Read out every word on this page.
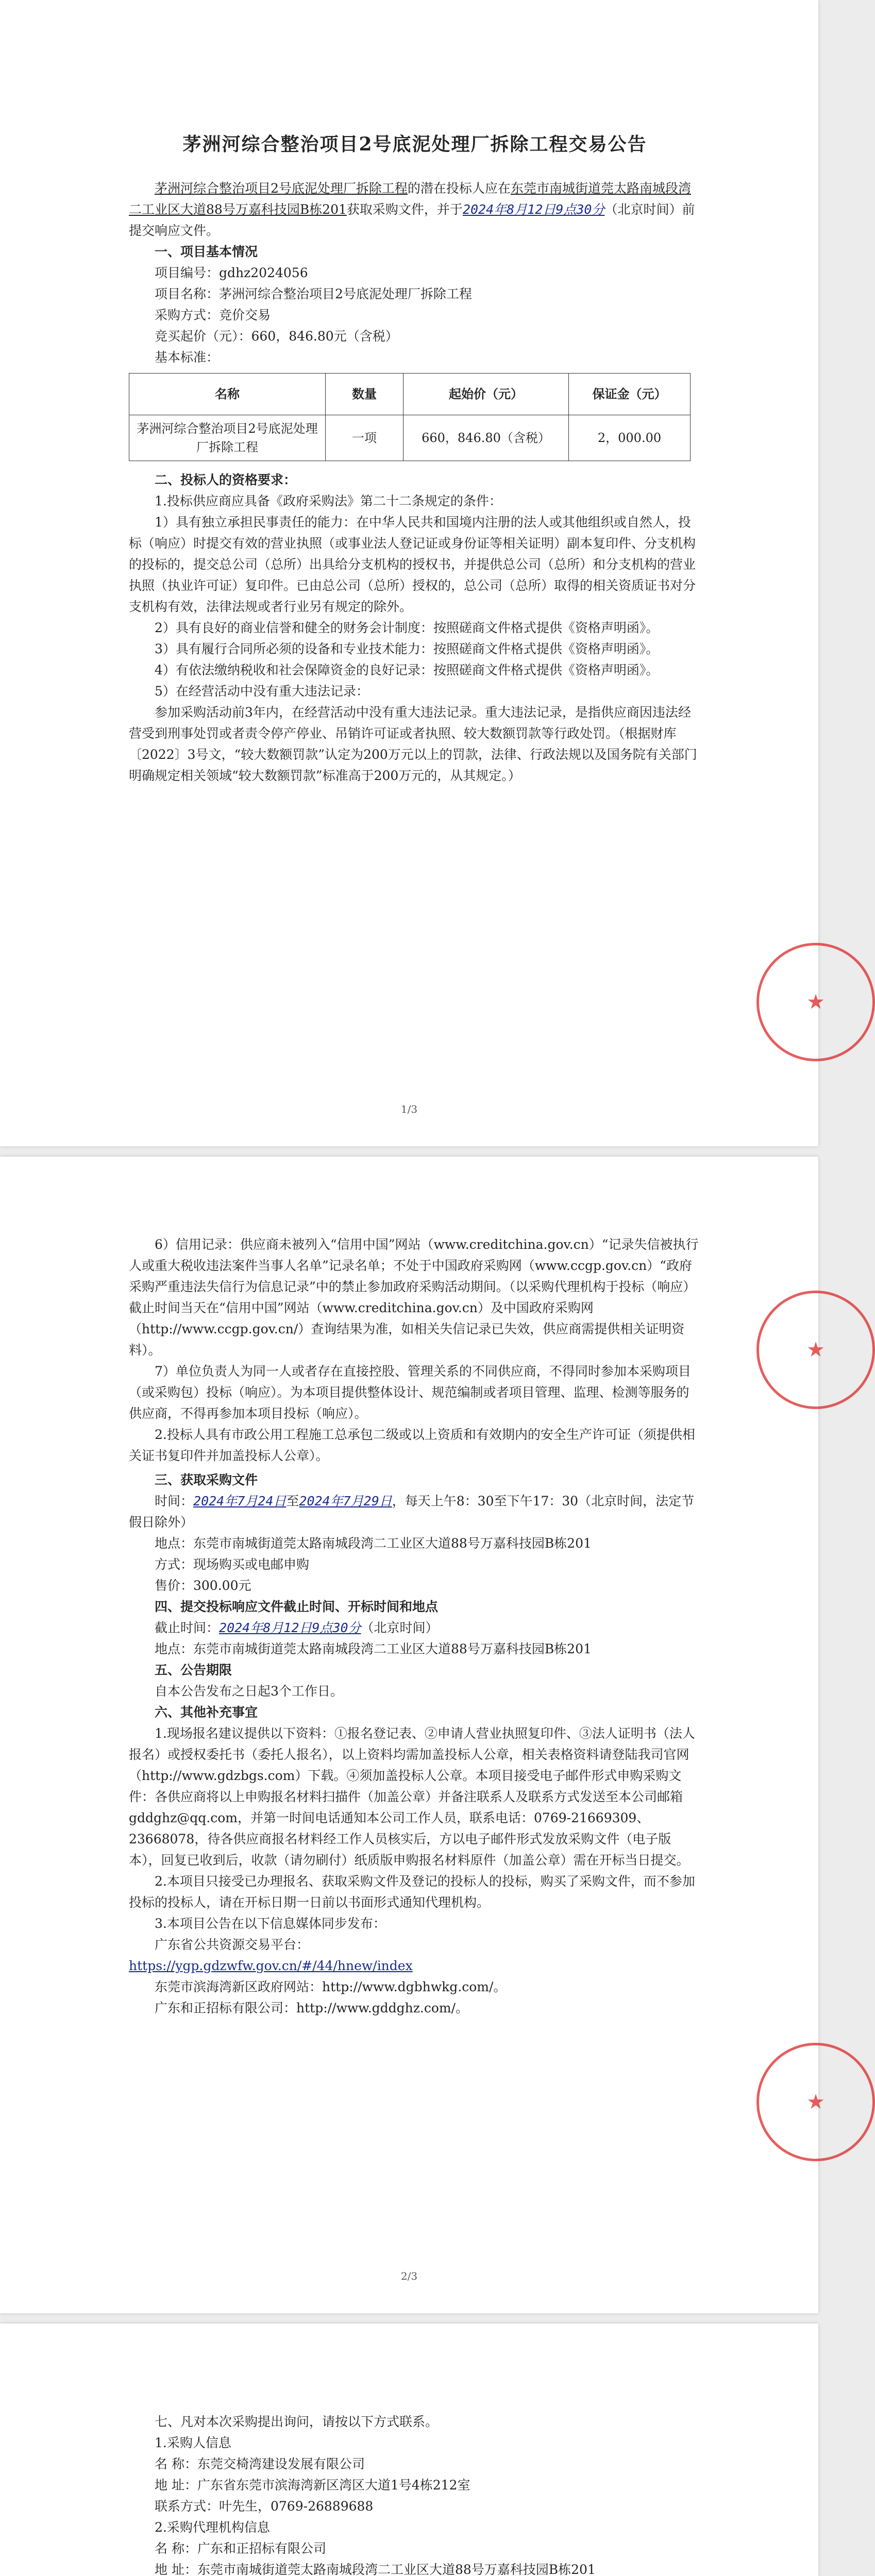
茅洲河综合整治项目2号底泥处理厂拆除工程交易公告

茅洲河综合整治项目2号底泥处理厂拆除工程的潜在投标人应在东莞市南城街道莞太路南城段湾二工业区大道88号万嘉科技园B栋201获取采购文件，并于2024年8月12日9点30分（北京时间）前提交响应文件。

一、项目基本情况

项目编号：gdhz2024056

项目名称：茅洲河综合整治项目2号底泥处理厂拆除工程

采购方式：竞价交易

竞买起价（元）：660，846.80元（含税）

基本标准：

名称	数量	起始价（元）	保证金（元）
茅洲河综合整治项目2号底泥处理厂拆除工程	一项	660，846.80（含税）	2，000.00

二、投标人的资格要求：

1.投标供应商应具备《政府采购法》第二十二条规定的条件：

1）具有独立承担民事责任的能力：在中华人民共和国境内注册的法人或其他组织或自然人，投标（响应）时提交有效的营业执照（或事业法人登记证或身份证等相关证明）副本复印件、分支机构的投标的，提交总公司（总所）出具给分支机构的授权书，并提供总公司（总所）和分支机构的营业执照（执业许可证）复印件。已由总公司（总所）授权的，总公司（总所）取得的相关资质证书对分支机构有效，法律法规或者行业另有规定的除外。

2）具有良好的商业信誉和健全的财务会计制度：按照磋商文件格式提供《资格声明函》。

3）具有履行合同所必须的设备和专业技术能力：按照磋商文件格式提供《资格声明函》。

4）有依法缴纳税收和社会保障资金的良好记录：按照磋商文件格式提供《资格声明函》。

5）在经营活动中没有重大违法记录：

参加采购活动前3年内，在经营活动中没有重大违法记录。重大违法记录，是指供应商因违法经营受到刑事处罚或者责令停产停业、吊销许可证或者执照、较大数额罚款等行政处罚。（根据财库〔2022〕3号文，“较大数额罚款”认定为200万元以上的罚款，法律、行政法规以及国务院有关部门明确规定相关领域“较大数额罚款”标准高于200万元的，从其规定。）

★
1/3

6）信用记录：供应商未被列入“信用中国”网站（www.creditchina.gov.cn）“记录失信被执行人或重大税收违法案件当事人名单”记录名单；不处于中国政府采购网（www.ccgp.gov.cn）“政府采购严重违法失信行为信息记录”中的禁止参加政府采购活动期间。（以采购代理机构于投标（响应）截止时间当天在“信用中国”网站（www.creditchina.gov.cn）及中国政府采购网（http://www.ccgp.gov.cn/）查询结果为准，如相关失信记录已失效，供应商需提供相关证明资料）。

7）单位负责人为同一人或者存在直接控股、管理关系的不同供应商，不得同时参加本采购项目（或采购包）投标（响应）。为本项目提供整体设计、规范编制或者项目管理、监理、检测等服务的供应商，不得再参加本项目投标（响应）。

2.投标人具有市政公用工程施工总承包二级或以上资质和有效期内的安全生产许可证（须提供相关证书复印件并加盖投标人公章）。

三、获取采购文件

时间：2024年7月24日至2024年7月29日，每天上午8：30至下午17：30（北京时间，法定节假日除外）

地点：东莞市南城街道莞太路南城段湾二工业区大道88号万嘉科技园B栋201

方式：现场购买或电邮申购

售价：300.00元

四、提交投标响应文件截止时间、开标时间和地点

截止时间：2024年8月12日9点30分（北京时间）

地点：东莞市南城街道莞太路南城段湾二工业区大道88号万嘉科技园B栋201

五、公告期限

自本公告发布之日起3个工作日。

六、其他补充事宜

1.现场报名建议提供以下资料：①报名登记表、②申请人营业执照复印件、③法人证明书（法人报名）或授权委托书（委托人报名），以上资料均需加盖投标人公章，相关表格资料请登陆我司官网（http://www.gdzbgs.com）下载。④须加盖投标人公章。本项目接受电子邮件形式申购采购文件：各供应商将以上申购报名材料扫描件（加盖公章）并备注联系人及联系方式发送至本公司邮箱gddghz@qq.com，并第一时间电话通知本公司工作人员，联系电话：0769-21669309、23668078，待各供应商报名材料经工作人员核实后，方以电子邮件形式发放采购文件（电子版本），回复已收到后，收款（请勿刷付）纸质版申购报名材料原件（加盖公章）需在开标当日提交。

2.本项目只接受已办理报名、获取采购文件及登记的投标人的投标，购买了采购文件，而不参加投标的投标人，请在开标日期一日前以书面形式通知代理机构。

3.本项目公告在以下信息媒体同步发布：

广东省公共资源交易平台：

https://ygp.gdzwfw.gov.cn/#/44/hnew/index

东莞市滨海湾新区政府网站：http://www.dgbhwkg.com/。

广东和正招标有限公司：http://www.gddghz.com/。

★
★
2/3

七、凡对本次采购提出询问，请按以下方式联系。

1.采购人信息

名 称：东莞交椅湾建设发展有限公司

地 址：广东省东莞市滨海湾新区湾区大道1号4栋212室

联系方式：叶先生，0769-26889688

2.采购代理机构信息

名 称：广东和正招标有限公司

地 址：东莞市南城街道莞太路南城段湾二工业区大道88号万嘉科技园B栋201
